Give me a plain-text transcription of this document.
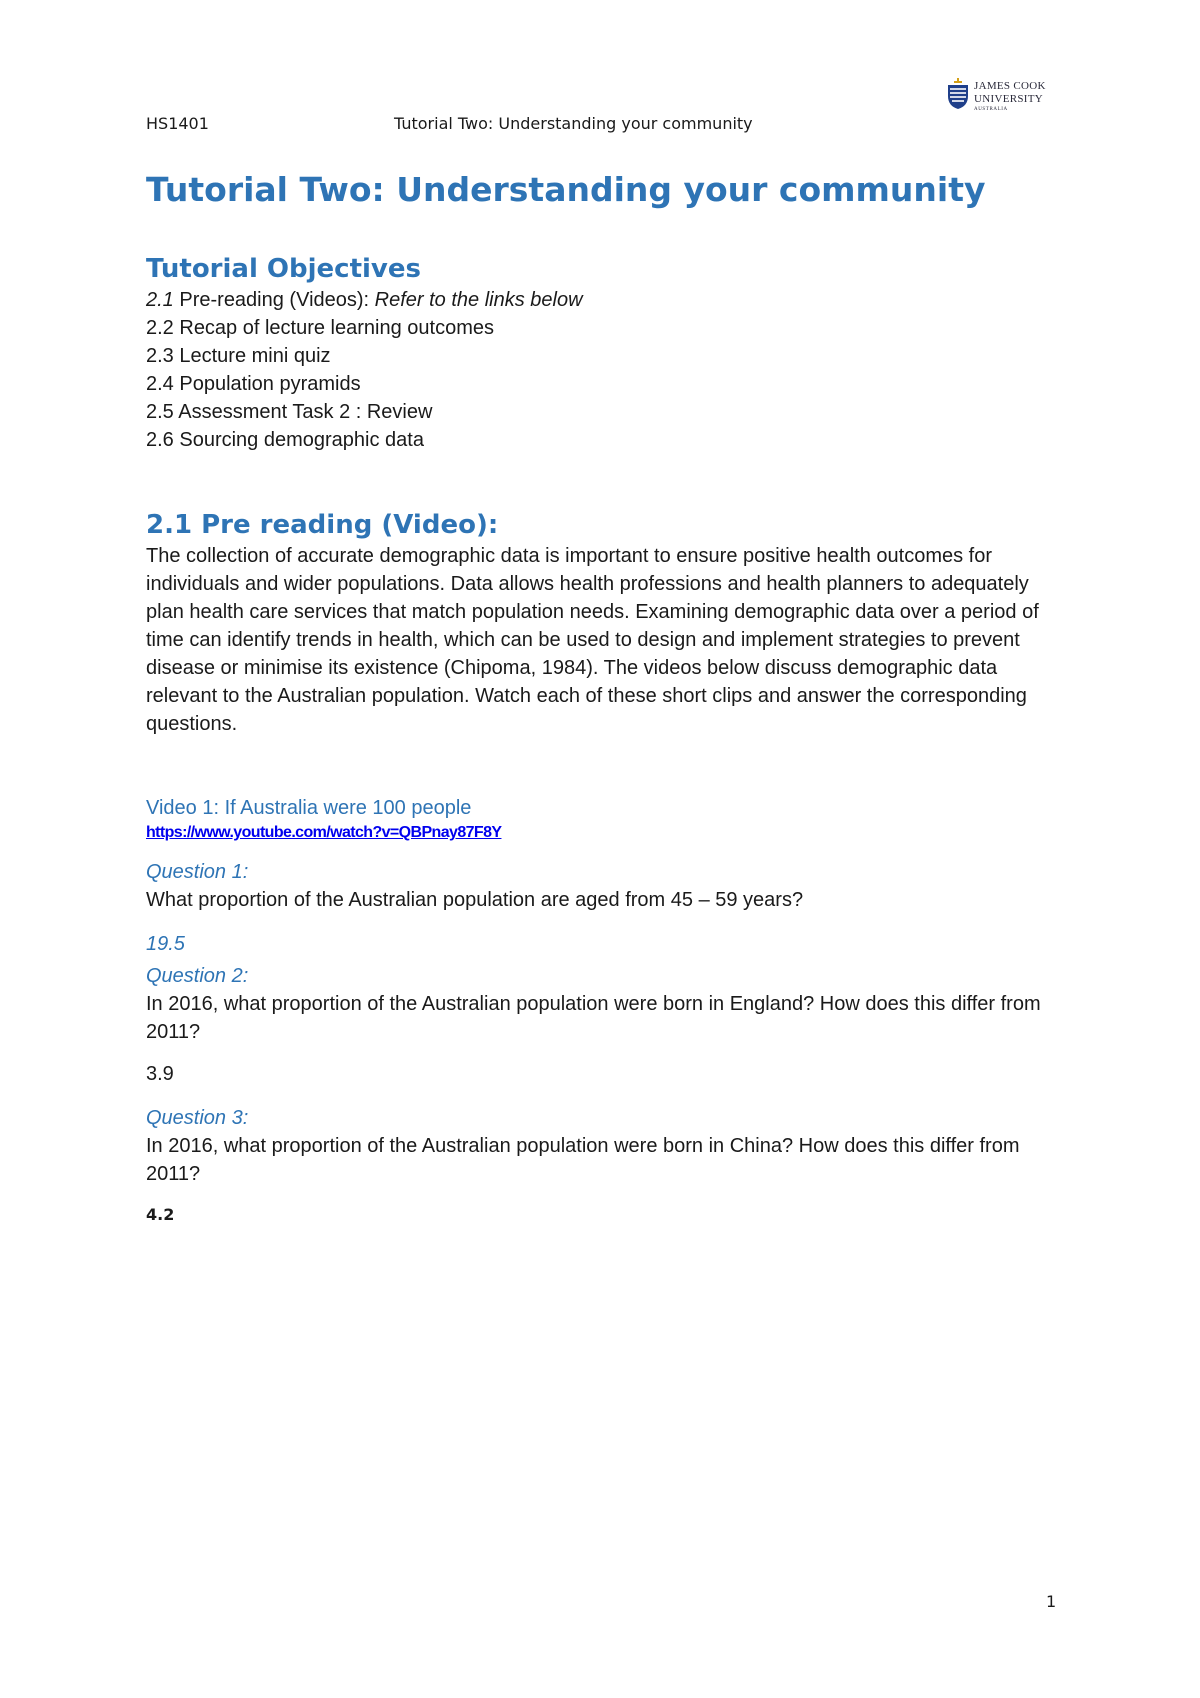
HS1401	Tutorial Two: Understanding your community
JAMES COOK
UNIVERSITY
AUSTRALIA
Tutorial Two: Understanding your community
Tutorial Objectives
2.1 Pre-reading (Videos): Refer to the links below
2.2 Recap of lecture learning outcomes
2.3 Lecture mini quiz
2.4 Population pyramids
2.5 Assessment Task 2 : Review
2.6 Sourcing demographic data
2.1 Pre reading (Video):

The collection of accurate demographic data is important to ensure positive health outcomes for individuals and wider populations. Data allows health professions and health planners to adequately plan health care services that match population needs. Examining demographic data over a period of time can identify trends in health, which can be used to design and implement strategies to prevent disease or minimise its existence (Chipoma, 1984). The videos below discuss demographic data relevant to the Australian population. Watch each of these short clips and answer the corresponding questions.

Video 1: If Australia were 100 people
https://www.youtube.com/watch?v=QBPnay87F8Y
Question 1:
What proportion of the Australian population are aged from 45 – 59 years?
19.5
Question 2:
In 2016, what proportion of the Australian population were born in England? How does this differ from 2011?
3.9
Question 3:
In 2016, what proportion of the Australian population were born in China? How does this differ from 2011?
4.2
1
